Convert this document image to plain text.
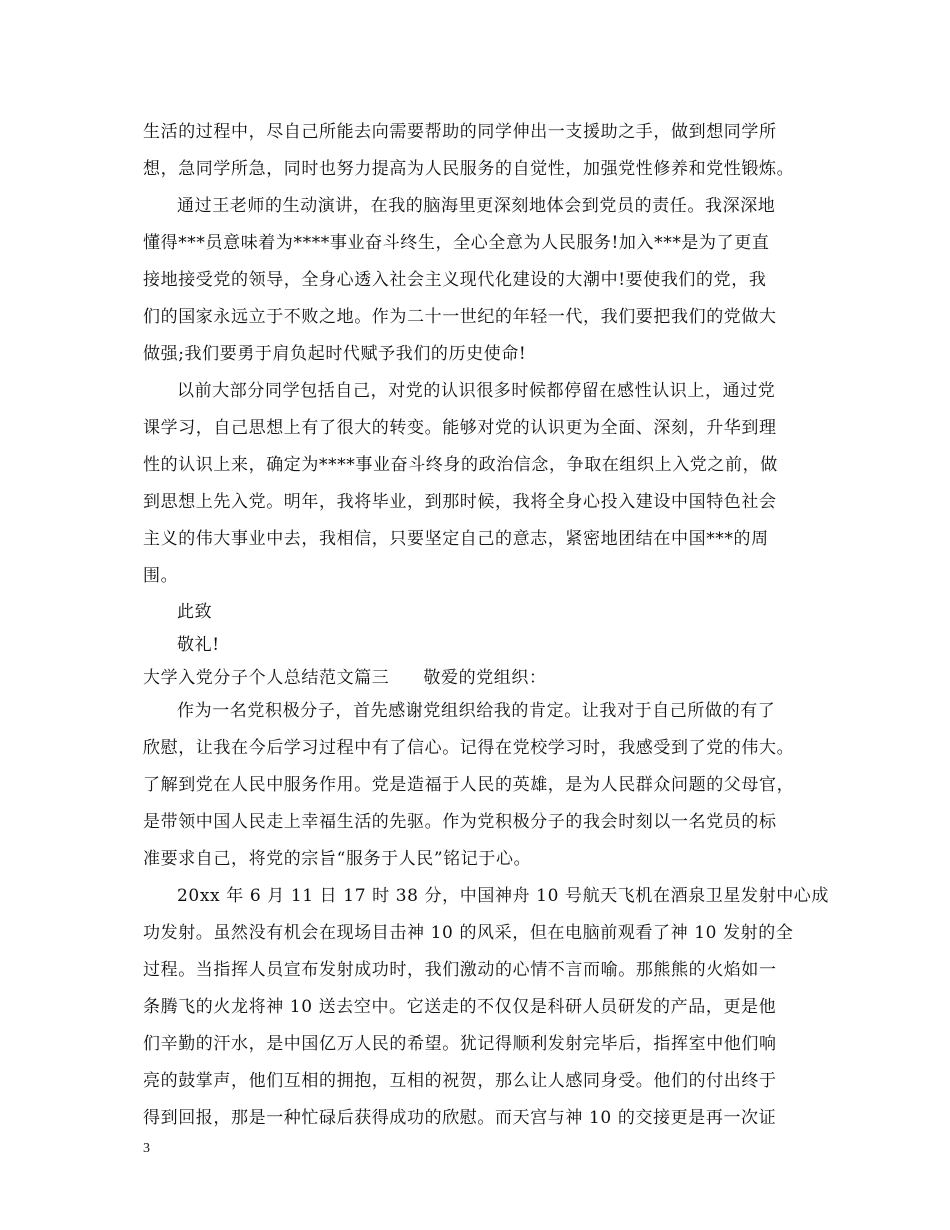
生活的过程中，尽自己所能去向需要帮助的同学伸出一支援助之手，做到想同学所
想，急同学所急，同时也努力提高为人民服务的自觉性，加强党性修养和党性锻炼。
通过王老师的生动演讲，在我的脑海里更深刻地体会到党员的责任。我深深地
懂得***员意味着为****事业奋斗终生，全心全意为人民服务!加入***是为了更直
接地接受党的领导，全身心透入社会主义现代化建设的大潮中!要使我们的党，我
们的国家永远立于不败之地。作为二十一世纪的年轻一代，我们要把我们的党做大
做强;我们要勇于肩负起时代赋予我们的历史使命!
以前大部分同学包括自己，对党的认识很多时候都停留在感性认识上，通过党
课学习，自己思想上有了很大的转变。能够对党的认识更为全面、深刻，升华到理
性的认识上来，确定为****事业奋斗终身的政治信念，争取在组织上入党之前，做
到思想上先入党。明年，我将毕业，到那时候，我将全身心投入建设中国特色社会
主义的伟大事业中去，我相信，只要坚定自己的意志，紧密地团结在中国***的周
围。
此致
敬礼!
大学入党分子个人总结范文篇三 敬爱的党组织：
作为一名党积极分子，首先感谢党组织给我的肯定。让我对于自己所做的有了
欣慰，让我在今后学习过程中有了信心。记得在党校学习时，我感受到了党的伟大。
了解到党在人民中服务作用。党是造福于人民的英雄，是为人民群众问题的父母官，
是带领中国人民走上幸福生活的先驱。作为党积极分子的我会时刻以一名党员的标
准要求自己，将党的宗旨“服务于人民”铭记于心。
20xx 年 6 月 11 日 17 时 38 分，中国神舟 10 号航天飞机在酒泉卫星发射中心成
功发射。虽然没有机会在现场目击神 10 的风采，但在电脑前观看了神 10 发射的全
过程。当指挥人员宣布发射成功时，我们激动的心情不言而喻。那熊熊的火焰如一
条腾飞的火龙将神 10 送去空中。它送走的不仅仅是科研人员研发的产品，更是他
们辛勤的汗水，是中国亿万人民的希望。犹记得顺利发射完毕后，指挥室中他们响
亮的鼓掌声，他们互相的拥抱，互相的祝贺，那么让人感同身受。他们的付出终于
得到回报，那是一种忙碌后获得成功的欣慰。而天宫与神 10 的交接更是再一次证
3
